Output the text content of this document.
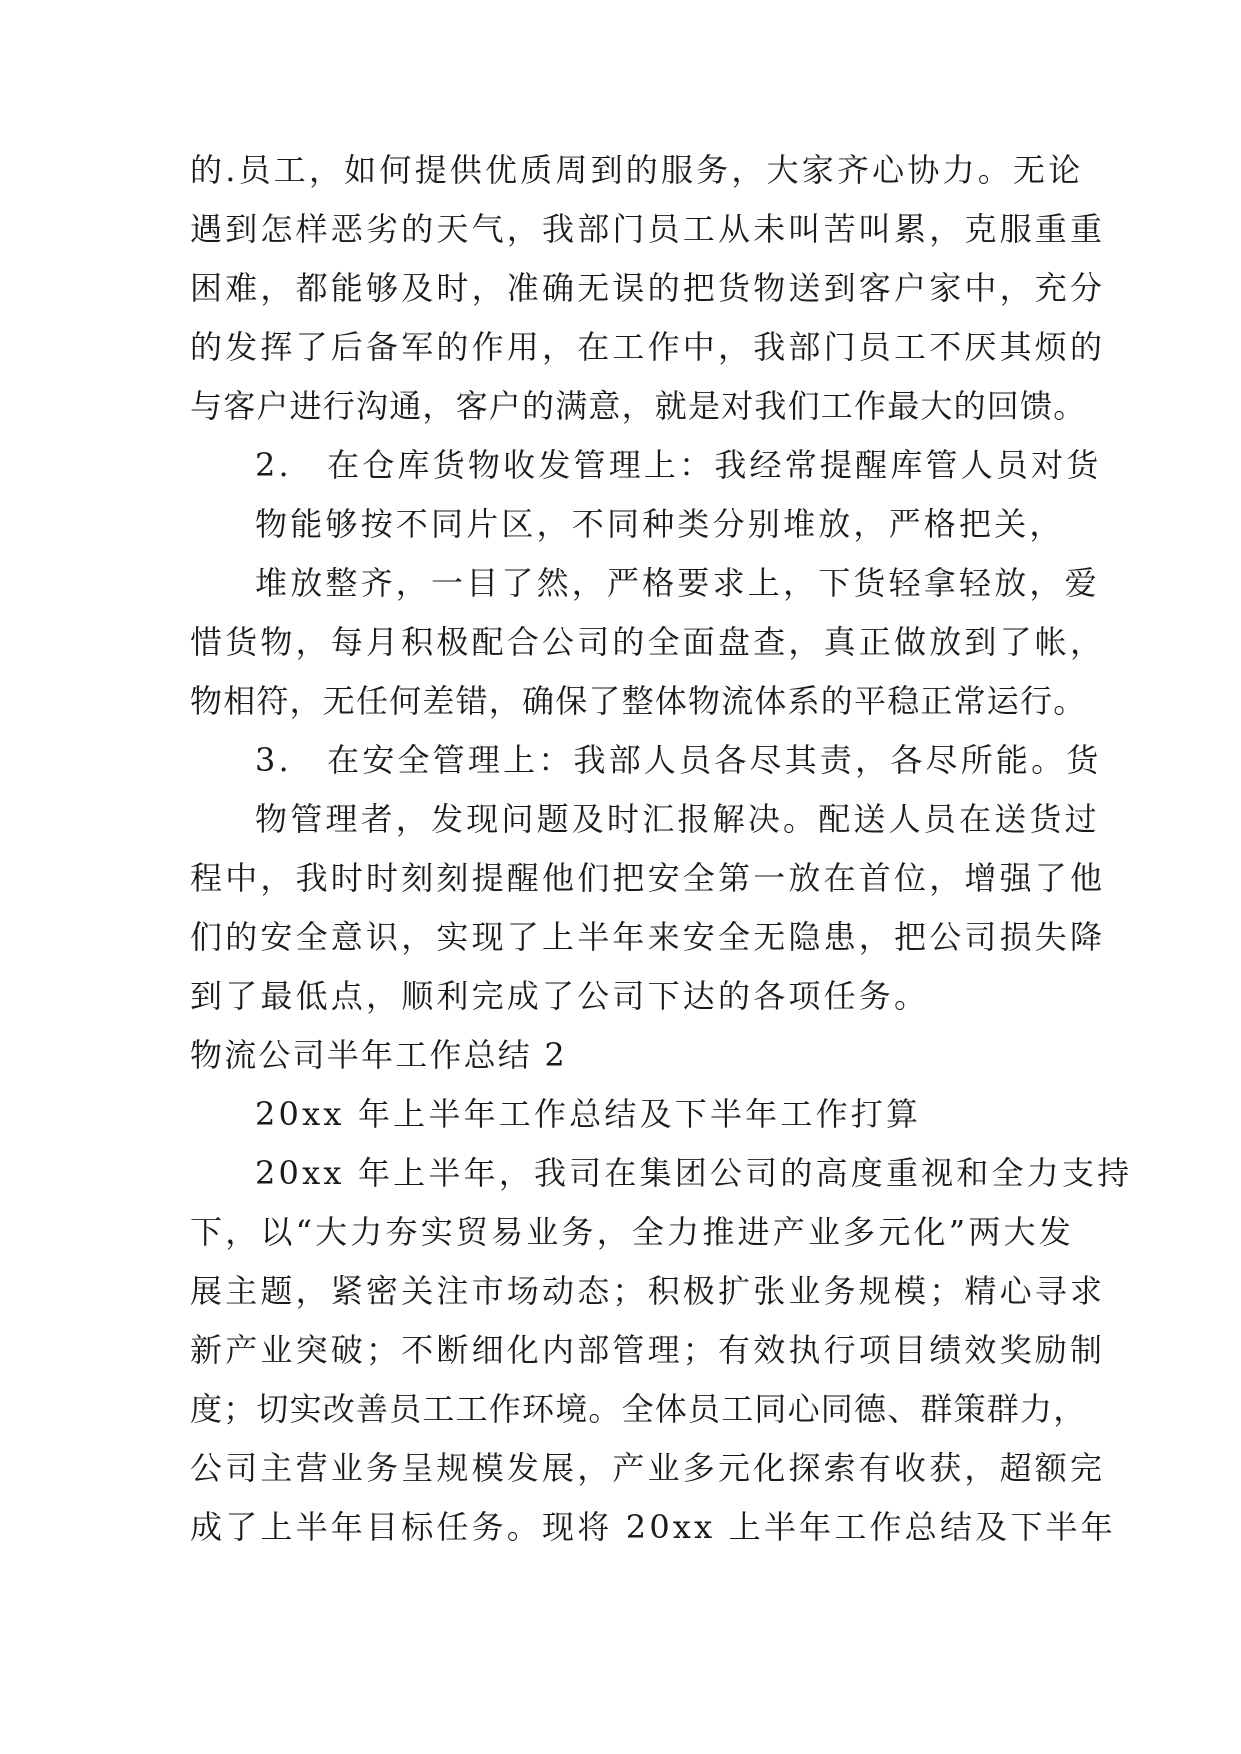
的.员工，如何提供优质周到的服务，大家齐心协力。无论
遇到怎样恶劣的天气，我部门员工从未叫苦叫累，克服重重
困难，都能够及时，准确无误的把货物送到客户家中，充分
的发挥了后备军的作用，在工作中，我部门员工不厌其烦的
与客户进行沟通，客户的满意，就是对我们工作最大的回馈。
2.　在仓库货物收发管理上：我经常提醒库管人员对货
物能够按不同片区，不同种类分别堆放，严格把关，
堆放整齐，一目了然，严格要求上，下货轻拿轻放，爱
惜货物，每月积极配合公司的全面盘查，真正做放到了帐，
物相符，无任何差错，确保了整体物流体系的平稳正常运行。
3.　在安全管理上：我部人员各尽其责，各尽所能。货
物管理者，发现问题及时汇报解决。配送人员在送货过
程中，我时时刻刻提醒他们把安全第一放在首位，增强了他
们的安全意识，实现了上半年来安全无隐患，把公司损失降
到了最低点，顺利完成了公司下达的各项任务。
物流公司半年工作总结 2
20xx 年上半年工作总结及下半年工作打算
20xx 年上半年，我司在集团公司的高度重视和全力支持
下，以“大力夯实贸易业务，全力推进产业多元化”两大发
展主题，紧密关注市场动态；积极扩张业务规模；精心寻求
新产业突破；不断细化内部管理；有效执行项目绩效奖励制
度；切实改善员工工作环境。全体员工同心同德、群策群力，
公司主营业务呈规模发展，产业多元化探索有收获，超额完
成了上半年目标任务。现将 20xx 上半年工作总结及下半年
